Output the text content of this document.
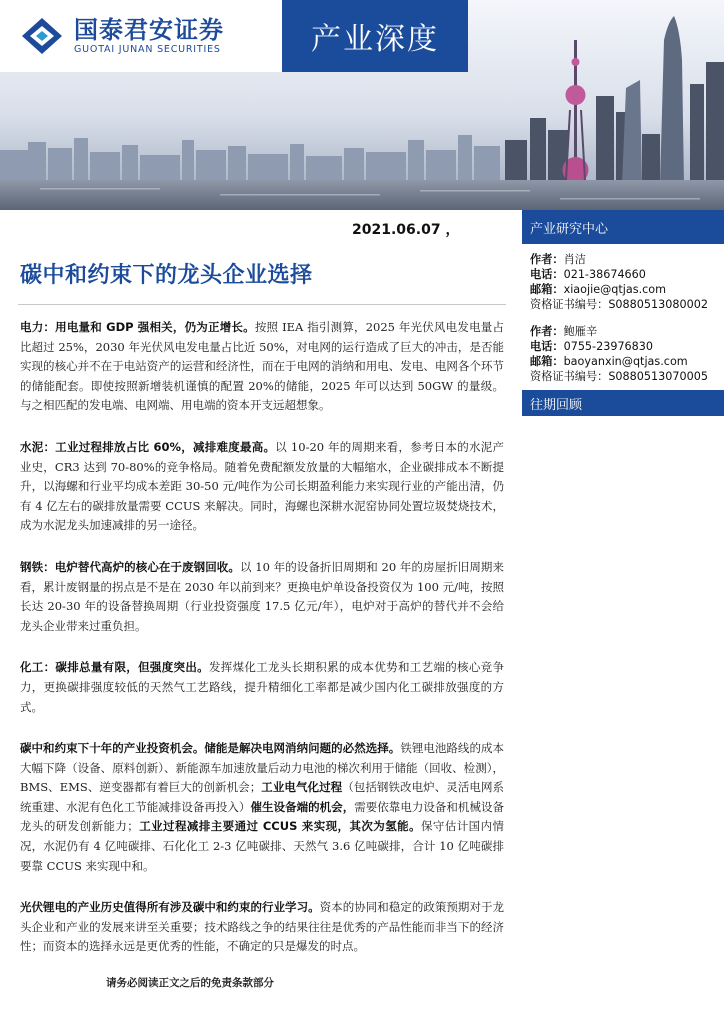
国泰君安证券
GUOTAI JUNAN SECURITIES	产业深度
2021.06.07 ，
碳中和约束下的龙头企业选择
产业研究中心
作者：肖洁
电话：021-38674660
邮箱：xiaojie@qtjas.com
资格证书编号：S0880513080002
作者：鲍雁辛
电话：0755-23976830
邮箱：baoyanxin@qtjas.com
资格证书编号：S0880513070005
往期回顾

电力：用电量和 GDP 强相关，仍为正增长。按照 IEA 指引测算，2025 年光伏风电发电量占比超过 25%，2030 年光伏风电发电量占比近 50%，对电网的运行造成了巨大的冲击，是否能实现的核心并不在于电站资产的运营和经济性，而在于电网的消纳和用电、发电、电网各个环节的储能配套。即使按照新增装机谨慎的配置 20%的储能，2025 年可以达到 50GW 的量级。与之相匹配的发电端、电网端、用电端的资本开支远超想象。

水泥：工业过程排放占比 60%，减排难度最高。以 10-20 年的周期来看，参考日本的水泥产业史，CR3 达到 70-80%的竞争格局。随着免费配额发放量的大幅缩水，企业碳排成本不断提升，以海螺和行业平均成本差距 30-50 元/吨作为公司长期盈利能力来实现行业的产能出清，仍有 4 亿左右的碳排放量需要 CCUS 来解决。同时，海螺也深耕水泥窑协同处置垃圾焚烧技术，成为水泥龙头加速减排的另一途径。

钢铁：电炉替代高炉的核心在于废钢回收。以 10 年的设备折旧周期和 20 年的房屋折旧周期来看，累计废钢量的拐点是不是在 2030 年以前到来？更换电炉单设备投资仅为 100 元/吨，按照长达 20-30 年的设备替换周期（行业投资强度 17.5 亿元/年），电炉对于高炉的替代并不会给龙头企业带来过重负担。

化工：碳排总量有限，但强度突出。发挥煤化工龙头长期积累的成本优势和工艺端的核心竞争力，更换碳排强度较低的天然气工艺路线，提升精细化工率都是减少国内化工碳排放强度的方式。

碳中和约束下十年的产业投资机会。储能是解决电网消纳问题的必然选择。铁锂电池路线的成本大幅下降（设备、原料创新）、新能源车加速放量后动力电池的梯次利用于储能（回收、检测），BMS、EMS、逆变器都有着巨大的创新机会；工业电气化过程（包括钢铁改电炉、灵活电网系统重建、水泥有色化工节能减排设备再投入）催生设备端的机会，需要依靠电力设备和机械设备龙头的研发创新能力；工业过程减排主要通过 CCUS 来实现，其次为氢能。保守估计国内情况，水泥仍有 4 亿吨碳排、石化化工 2-3 亿吨碳排、天然气 3.6 亿吨碳排，合计 10 亿吨碳排要靠 CCUS 来实现中和。

光伏锂电的产业历史值得所有涉及碳中和约束的行业学习。资本的协同和稳定的政策预期对于龙头企业和产业的发展来讲至关重要；技术路线之争的结果往往是优秀的产品性能而非当下的经济性；而资本的选择永远是更优秀的性能，不确定的只是爆发的时点。

请务必阅读正文之后的免责条款部分
